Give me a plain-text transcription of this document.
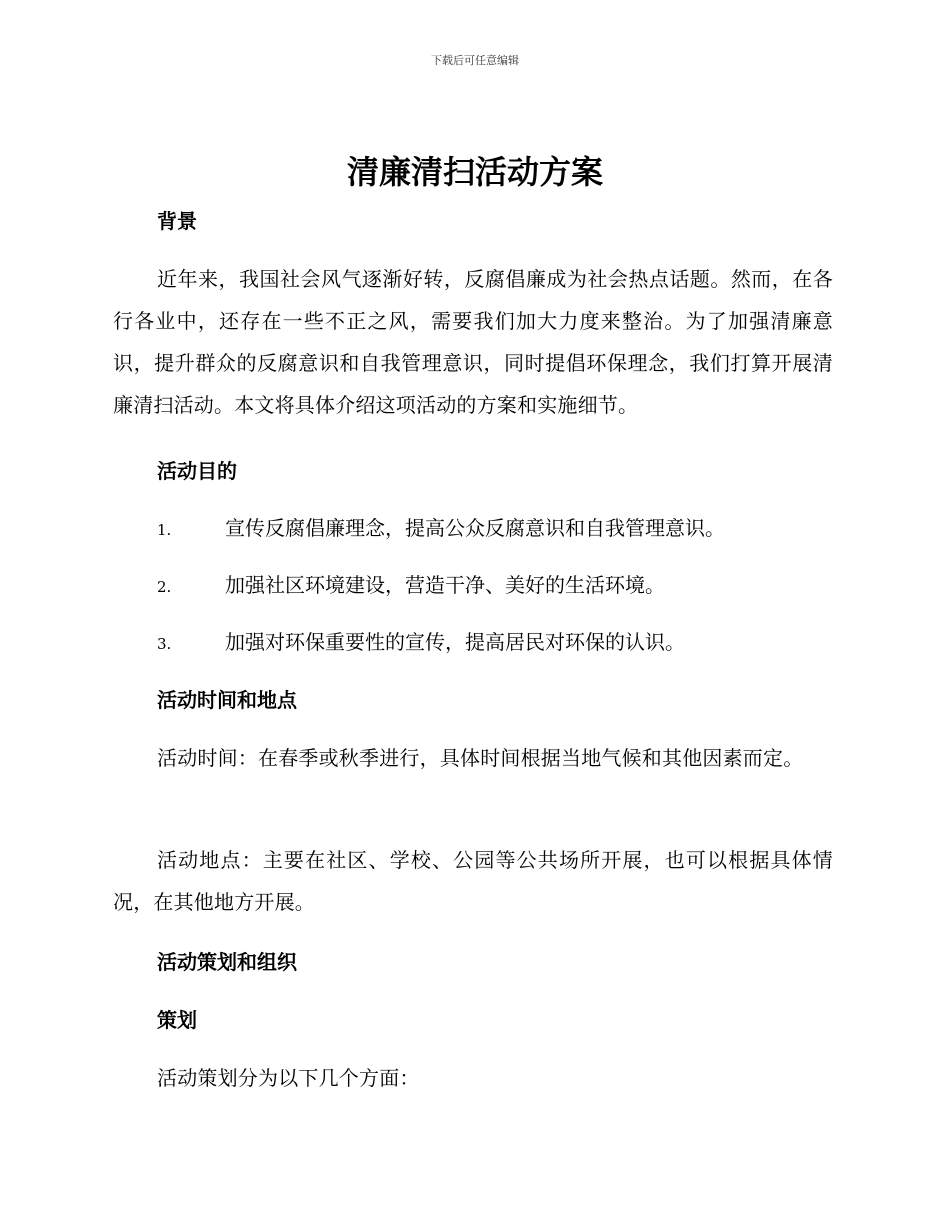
下载后可任意编辑
清廉清扫活动方案
背景

近年来，我国社会风气逐渐好转，反腐倡廉成为社会热点话题。然而，在各行各业中，还存在一些不正之风，需要我们加大力度来整治。为了加强清廉意识，提升群众的反腐意识和自我管理意识，同时提倡环保理念，我们打算开展清廉清扫活动。本文将具体介绍这项活动的方案和实施细节。

活动目的

1.	宣传反腐倡廉理念，提高公众反腐意识和自我管理意识。

2.	加强社区环境建设，营造干净、美好的生活环境。

3.	加强对环保重要性的宣传，提高居民对环保的认识。

活动时间和地点

活动时间：在春季或秋季进行，具体时间根据当地气候和其他因素而定。

活动地点：主要在社区、学校、公园等公共场所开展，也可以根据具体情况，在其他地方开展。

活动策划和组织
策划

活动策划分为以下几个方面：
